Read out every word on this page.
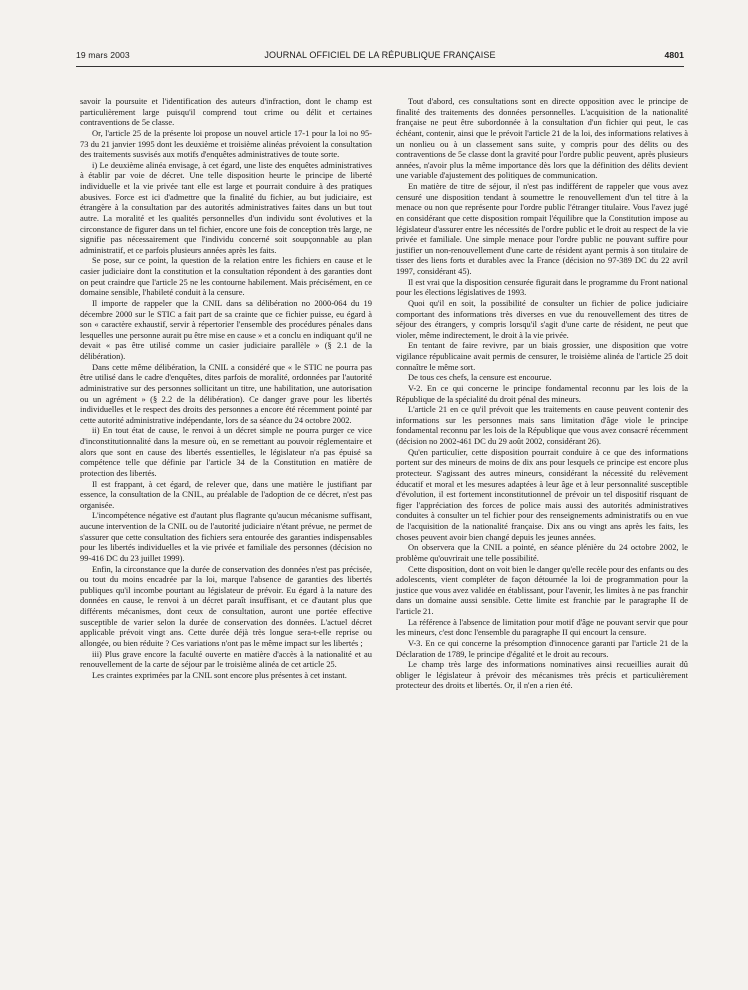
19 mars 2003	JOURNAL OFFICIEL DE LA RÉPUBLIQUE FRANÇAISE	4801

savoir la poursuite et l'identification des auteurs d'infraction, dont le champ est particulièrement large puisqu'il comprend tout crime ou délit et certaines contraventions de 5e classe.

Or, l'article 25 de la présente loi propose un nouvel article 17-1 pour la loi no 95-73 du 21 janvier 1995 dont les deuxième et troisième alinéas prévoient la consultation des traitements susvisés aux motifs d'enquêtes administratives de toute sorte.

i) Le deuxième alinéa envisage, à cet égard, une liste des enquêtes administratives à établir par voie de décret. Une telle disposition heurte le principe de liberté individuelle et la vie privée tant elle est large et pourrait conduire à des pratiques abusives. Force est ici d'admettre que la finalité du fichier, au but judiciaire, est étrangère à la consultation par des autorités administratives faites dans un but tout autre. La moralité et les qualités personnelles d'un individu sont évolutives et la circonstance de figurer dans un tel fichier, encore une fois de conception très large, ne signifie pas nécessairement que l'individu concerné soit soupçonnable au plan administratif, et ce parfois plusieurs années après les faits.

Se pose, sur ce point, la question de la relation entre les fichiers en cause et le casier judiciaire dont la constitution et la consultation répondent à des garanties dont on peut craindre que l'article 25 ne les contourne habilement. Mais précisément, en ce domaine sensible, l'habileté conduit à la censure.

Il importe de rappeler que la CNIL dans sa délibération no 2000-064 du 19 décembre 2000 sur le STIC a fait part de sa crainte que ce fichier puisse, eu égard à son « caractère exhaustif, servir à répertorier l'ensemble des procédures pénales dans lesquelles une personne aurait pu être mise en cause » et a conclu en indiquant qu'il ne devait « pas être utilisé comme un casier judiciaire parallèle » (§ 2.1 de la délibération).

Dans cette même délibération, la CNIL a considéré que « le STIC ne pourra pas être utilisé dans le cadre d'enquêtes, dites parfois de moralité, ordonnées par l'autorité administrative sur des personnes sollicitant un titre, une habilitation, une autorisation ou un agrément » (§ 2.2 de la délibération). Ce danger grave pour les libertés individuelles et le respect des droits des personnes a encore été récemment pointé par cette autorité administrative indépendante, lors de sa séance du 24 octobre 2002.

ii) En tout état de cause, le renvoi à un décret simple ne pourra purger ce vice d'inconstitutionnalité dans la mesure où, en se remettant au pouvoir réglementaire et alors que sont en cause des libertés essentielles, le législateur n'a pas épuisé sa compétence telle que définie par l'article 34 de la Constitution en matière de protection des libertés.

Il est frappant, à cet égard, de relever que, dans une matière le justifiant par essence, la consultation de la CNIL, au préalable de l'adoption de ce décret, n'est pas organisée.

L'incompétence négative est d'autant plus flagrante qu'aucun mécanisme suffisant, aucune intervention de la CNIL ou de l'autorité judiciaire n'étant prévue, ne permet de s'assurer que cette consultation des fichiers sera entourée des garanties indispensables pour les libertés individuelles et la vie privée et familiale des personnes (décision no 99-416 DC du 23 juillet 1999).

Enfin, la circonstance que la durée de conservation des données n'est pas précisée, ou tout du moins encadrée par la loi, marque l'absence de garanties des libertés publiques qu'il incombe pourtant au législateur de prévoir. Eu égard à la nature des données en cause, le renvoi à un décret paraît insuffisant, et ce d'autant plus que différents mécanismes, dont ceux de consultation, auront une portée effective susceptible de varier selon la durée de conservation des données. L'actuel décret applicable prévoit vingt ans. Cette durée déjà très longue sera-t-elle reprise ou allongée, ou bien réduite ? Ces variations n'ont pas le même impact sur les libertés ;

iii) Plus grave encore la faculté ouverte en matière d'accès à la nationalité et au renouvellement de la carte de séjour par le troisième alinéa de cet article 25.

Les craintes exprimées par la CNIL sont encore plus présentes à cet instant.

Tout d'abord, ces consultations sont en directe opposition avec le principe de finalité des traitements des données personnelles. L'acquisition de la nationalité française ne peut être subordonnée à la consultation d'un fichier qui peut, le cas échéant, contenir, ainsi que le prévoit l'article 21 de la loi, des informations relatives à un nonlieu ou à un classement sans suite, y compris pour des délits ou des contraventions de 5e classe dont la gravité pour l'ordre public peuvent, après plusieurs années, n'avoir plus la même importance dès lors que la définition des délits devient une variable d'ajustement des politiques de communication.

En matière de titre de séjour, il n'est pas indifférent de rappeler que vous avez censuré une disposition tendant à soumettre le renouvellement d'un tel titre à la menace ou non que représente pour l'ordre public l'étranger titulaire. Vous l'avez jugé en considérant que cette disposition rompait l'équilibre que la Constitution impose au législateur d'assurer entre les nécessités de l'ordre public et le droit au respect de la vie privée et familiale. Une simple menace pour l'ordre public ne pouvant suffire pour justifier un non-renouvellement d'une carte de résident ayant permis à son titulaire de tisser des liens forts et durables avec la France (décision no 97-389 DC du 22 avril 1997, considérant 45).

Il est vrai que la disposition censurée figurait dans le programme du Front national pour les élections législatives de 1993.

Quoi qu'il en soit, la possibilité de consulter un fichier de police judiciaire comportant des informations très diverses en vue du renouvellement des titres de séjour des étrangers, y compris lorsqu'il s'agit d'une carte de résident, ne peut que violer, même indirectement, le droit à la vie privée.

En tentant de faire revivre, par un biais grossier, une disposition que votre vigilance républicaine avait permis de censurer, le troisième alinéa de l'article 25 doit connaître le même sort.

De tous ces chefs, la censure est encourue.

V-2. En ce qui concerne le principe fondamental reconnu par les lois de la République de la spécialité du droit pénal des mineurs.

L'article 21 en ce qu'il prévoit que les traitements en cause peuvent contenir des informations sur les personnes mais sans limitation d'âge viole le principe fondamental reconnu par les lois de la République que vous avez consacré récemment (décision no 2002-461 DC du 29 août 2002, considérant 26).

Qu'en particulier, cette disposition pourrait conduire à ce que des informations portent sur des mineurs de moins de dix ans pour lesquels ce principe est encore plus protecteur. S'agissant des autres mineurs, considérant la nécessité du relèvement éducatif et moral et les mesures adaptées à leur âge et à leur personnalité susceptible d'évolution, il est fortement inconstitutionnel de prévoir un tel dispositif risquant de figer l'appréciation des forces de police mais aussi des autorités administratives conduites à consulter un tel fichier pour des renseignements administratifs ou en vue de l'acquisition de la nationalité française. Dix ans ou vingt ans après les faits, les choses peuvent avoir bien changé depuis les jeunes années.

On observera que la CNIL a pointé, en séance plénière du 24 octobre 2002, le problème qu'ouvrirait une telle possibilité.

Cette disposition, dont on voit bien le danger qu'elle recèle pour des enfants ou des adolescents, vient compléter de façon détournée la loi de programmation pour la justice que vous avez validée en établissant, pour l'avenir, les limites à ne pas franchir dans un domaine aussi sensible. Cette limite est franchie par le paragraphe II de l'article 21.

La référence à l'absence de limitation pour motif d'âge ne pouvant servir que pour les mineurs, c'est donc l'ensemble du paragraphe II qui encourt la censure.

V-3. En ce qui concerne la présomption d'innocence garanti par l'article 21 de la Déclaration de 1789, le principe d'égalité et le droit au recours.

Le champ très large des informations nominatives ainsi recueillies aurait dû obliger le législateur à prévoir des mécanismes très précis et particulièrement protecteur des droits et libertés. Or, il n'en a rien été.
